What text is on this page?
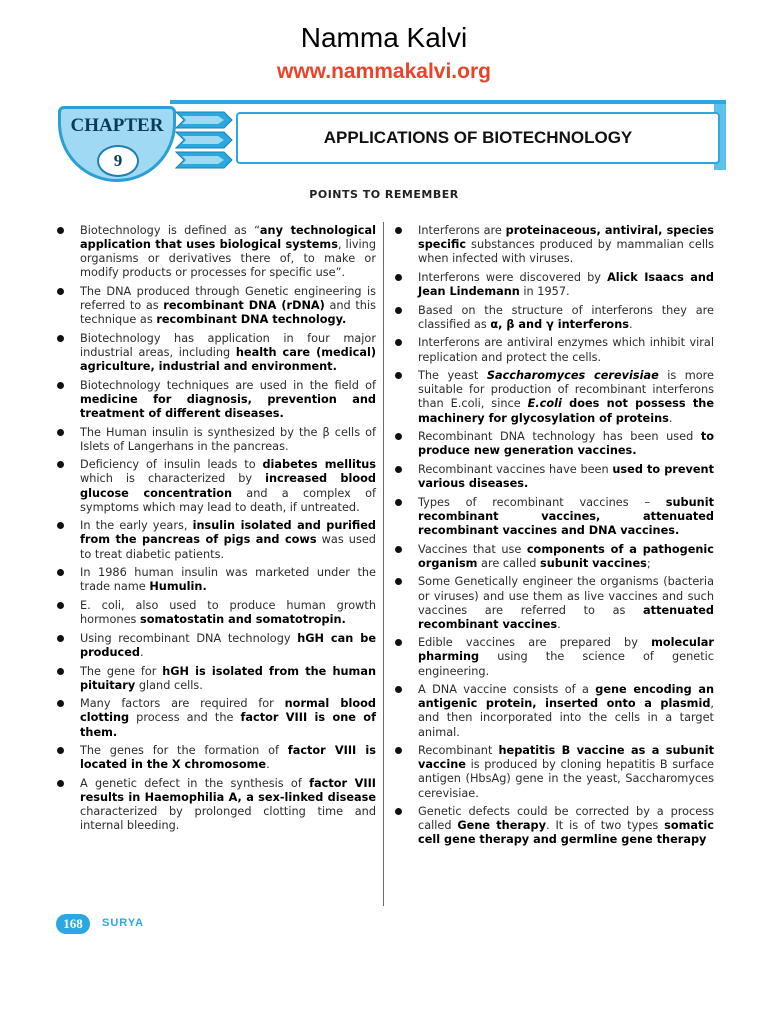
Namma Kalvi
www.nammakalvi.org
CHAPTER
9
APPLICATIONS OF BIOTECHNOLOGY
POINTS TO REMEMBER
Biotechnology is defined as “any technological application that uses biological systems, living organisms or derivatives there of, to make or modify products or processes for specific use”.
The DNA produced through Genetic engineering is referred to as recombinant DNA (rDNA) and this technique as recombinant DNA technology.
Biotechnology has application in four major industrial areas, including health care (medical) agriculture, industrial and environment.
Biotechnology techniques are used in the field of medicine for diagnosis, prevention and treatment of different diseases.
The Human insulin is synthesized by the β cells of Islets of Langerhans in the pancreas.
Deficiency of insulin leads to diabetes mellitus which is characterized by increased blood glucose concentration and a complex of symptoms which may lead to death, if untreated.
In the early years, insulin isolated and purified from the pancreas of pigs and cows was used to treat diabetic patients.
In 1986 human insulin was marketed under the trade name Humulin.
E. coli, also used to produce human growth hormones somatostatin and somatotropin.
Using recombinant DNA technology hGH can be produced.
The gene for hGH is isolated from the human pituitary gland cells.
Many factors are required for normal blood clotting process and the factor VIII is one of them.
The genes for the formation of factor VIII is located in the X chromosome.
A genetic defect in the synthesis of factor VIII results in Haemophilia A, a sex-linked disease characterized by prolonged clotting time and internal bleeding.
Interferons are proteinaceous, antiviral, species specific substances produced by mammalian cells when infected with viruses.
Interferons were discovered by Alick Isaacs and Jean Lindemann in 1957.
Based on the structure of interferons they are classified as α, β and γ interferons.
Interferons are antiviral enzymes which inhibit viral replication and protect the cells.
The yeast Saccharomyces cerevisiae is more suitable for production of recombinant interferons than E.coli, since E.coli does not possess the machinery for glycosylation of proteins.
Recombinant DNA technology has been used to produce new generation vaccines.
Recombinant vaccines have been used to prevent various diseases.
Types of recombinant vaccines – subunit recombinant vaccines, attenuated recombinant vaccines and DNA vaccines.
Vaccines that use components of a pathogenic organism are called subunit vaccines;
Some Genetically engineer the organisms (bacteria or viruses) and use them as live vaccines and such vaccines are referred to as attenuated recombinant vaccines.
Edible vaccines are prepared by molecular pharming using the science of genetic engineering.
A DNA vaccine consists of a gene encoding an antigenic protein, inserted onto a plasmid, and then incorporated into the cells in a target animal.
Recombinant hepatitis B vaccine as a subunit vaccine is produced by cloning hepatitis B surface antigen (HbsAg) gene in the yeast, Saccharomyces cerevisiae.
Genetic defects could be corrected by a process called Gene therapy. It is of two types somatic cell gene therapy and germline gene therapy
168	SURYA
